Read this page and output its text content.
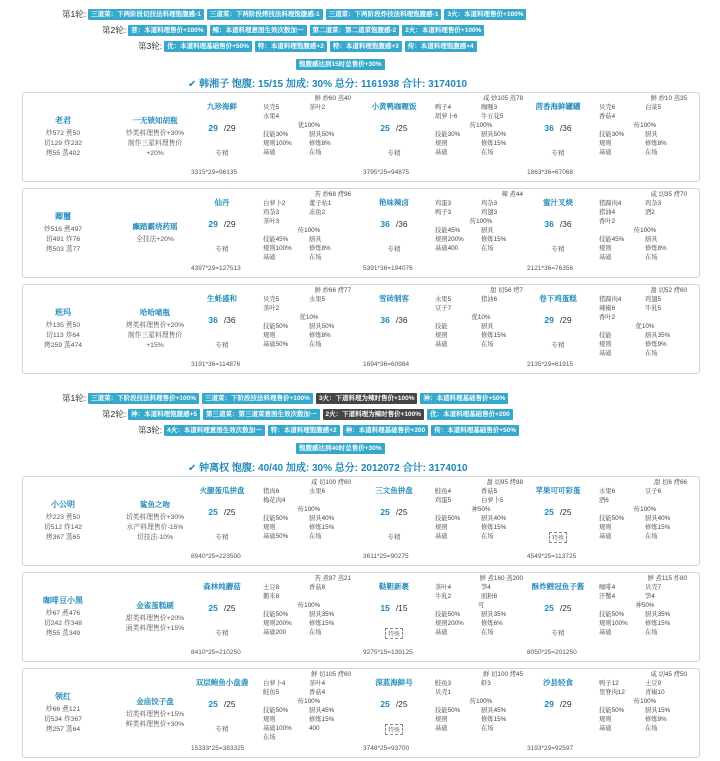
第1轮: 三道菜：下两阶段切技法料理饱腹感-1	三道菜：下两阶段烤技法料理饱腹感-1	三道菜：下两阶段炸技法料理饱腹感-1	3火：本道料理售价+100%
第2轮: 菩：本道料理售价+100%	辣：本道料理意图生效次数加一	第二道菜：第二道菜饱腹感-2	2火：本道料理售价+100%
第3轮: 优：本道料理基础售价+50%	特：本道料理饱腹感+2	特：本道料理饱腹感+3	传：本道料理饱腹感+4
饱腹感达到15时总售价+30%
✔ 韩湘子 饱腹: 15/15 加成: 30% 总分: 1161938 合计: 3174010
老君
炒572 煮50
切129 炸232
烤55 蒸402
一无锁知胡瓶
炒类料理售价+30%
制作三星料理售价
+20%
九珍海鲜
29 /29
专精
3315*29=96135
鲜 炒60 蒸40
贝壳5	茶叶2
水果4
优100%
技能30%	厨具50%
规则100%	修炼8%
基础	在场
小黄鸭咖喱饭
25 /25
专精
3795*25=94875
咸 炒105 蒸78
鸭子4	咖喱3
胡萝卜6	牛五花5
传100%
技能30%	厨具50%
规则	修炼15%
基础	在场
茴香海鲜罐罐
36 /36
专精
1863*36=67068
鲜 炒10 蒸35
贝壳6	白菜5
香菇4
传100%
技能30%	厨具
规则	修炼8%
基础	在场
卿璽
炒516 煮497
切491 炸76
烤503 蒸77
癫踏霸绕药瑶
全技法+20%
仙丹
29 /29
专精
4397*29=127513
苦 炒68 烤96
白萝卜2	董子枯1
鸡杂3	冻鱼2
茶叶3
传100%
技能45%	厨具
规则100%	修炼8%
基础	在场
艳味辣卤
36 /36
专精
5391*36=194076
辣 煮44
鸡蛋3	鸡杂3
鸭子3	鸡翅3
传100%
技能45%	厨具
规则200%	修炼15%
基础400	在场
蜜汁叉烧
36 /36
专精
2121*36=76356
咸 切35 烤70
猪蹄肉4	鸡杂3
猪油4	酒2
香叶2
传100%
技能45%	厨具
规则	修炼8%
基础	在场
班玛
炒135 煮50
切113 炸64
烤259 蒸474
哈哈喵瓶
烤类料理售价+20%
制作三星料理售价
+15%
生蚝盛和
36 /36
专精
3191*36=114876
鲜 炒66 烤77
贝壳5	水果5
茶叶2
优10%
技能50%	厨具50%
规则	修炼8%
基础50%	在场
雪砖制客
36 /36
1694*36=60984
甜 切56 烤7
水果5	猪油6
豆子7
优10%
技能	厨具
规则	修炼15%
基础	在场
卷下鸡蛋糕
29 /29
专精
2135*29=61915
甜 切52 烤60
猪蹄肉4	鸡翅5
辣椒6	牛乳5
香叶2
优10%
技能	厨具35%
规则	修炼9%
基础	在场
第1轮: 三道菜：下阶段技法料理售价+100%	三道菜：下阶段技法料理售价+100%	3火：下道料理为辣时售价+100%	神：本道料理基础售价+50%
第2轮: 神：本道料理饱腹感+5	第三道菜：第三道菜意图生效次数加一	2火：下道料理为辣时售价+100%	优：本道料理基础售价+200
第3轮: 4火：本道料理意图生效次数加一	特：本道料理饱腹感+2	神：本道料理基础售价+200	传：本道料理基础售价+50%
饱腹感达到40时总售价+30%
✔ 钟离权 饱腹: 40/40 加成: 30% 总分: 2012072 合计: 3174010
小公明
炒223 煮50
切512 炸142
烤367 蒸65
鲨鱼之吻
切类料理售价+30%
水产料理售价-15%
切技法-10%
火腿蛋瓜拼盘
25 /25
专精
8940*25=223500
咸 切100 烤60
猪肉6	水果6
梅花肉4
传100%
技能50%	厨具40%
规则	修炼15%
基础50%	在场
三文鱼拼盘
25 /25
专精
3611*25=90275
甜 切95 烤88
鲑鱼4	香菇5
鸡蛋5	白萝卜5
神50%
技能50%	厨具40%
规则	修炼15%
基础	在场
苹果可可彩蛋
25 /25
特殊
4549*25=113725
甜 切6 烤66
水果6	豆子6
酒6
传100%
技能50%	厨具40%
规则	修炼15%
基础	在场
咖啡豆小黑
炒67 煮476
切242 炸348
烤55 蒸349
金雀蛋糕刷
甜类料理售价+20%
面类料理售价+15%
森林炖蘑菇
25 /25
专精
8410*25=210250
苦 煮87 蒸21
土豆8	香菇8
鹅米8
传100%
技能50%	厨具35%
规则200%	修炼15%
基础200	在场
鞑靼新裹
15 /15
特殊
9275*15=139125
鲜 煮160 蒸200
茶叶4	笋4
牛乳2	面粉8
可
技能50%	厨具35%
规则200%	修炼6%
基础	在场
酥炸鳕冠鱼子酱
25 /25
专精
8050*25=201250
鲜 煮115 炸80
咖啡4	贝壳7
汗蟹4	笋4
神50%
技能50%	厨具35%
规则100%	修炼15%
基础	在场
领红
炒66 煮121
切534 炸367
烤257 蒸64
金庙饺子盘
切类料理售价+15%
鲜类料理售价+30%
双层鲍鱼小盘盏
25 /25
专精
15333*25=383325
鲜 切105 烤60
白萝卜4	茶叶4
鲑鱼5	香菇4
传100%
技能50%	厨具45%
规则	修炼15%
基础100%	400
在场
深蓝海鲜号
25 /25
特殊
3748*25=93700
鲜 切100 烤45
鲑鱼3	虾3
贝壳1
传100%
技能50%	厨具45%
规则	修炼15%
基础	在场
沙县轻食
29 /29
3193*29=92597
咸 切45 烤50
鸭子12	土豆9
里脊肉12	青椒10
传100%
技能50%	厨具15%
规则	修炼9%
基础	在场
